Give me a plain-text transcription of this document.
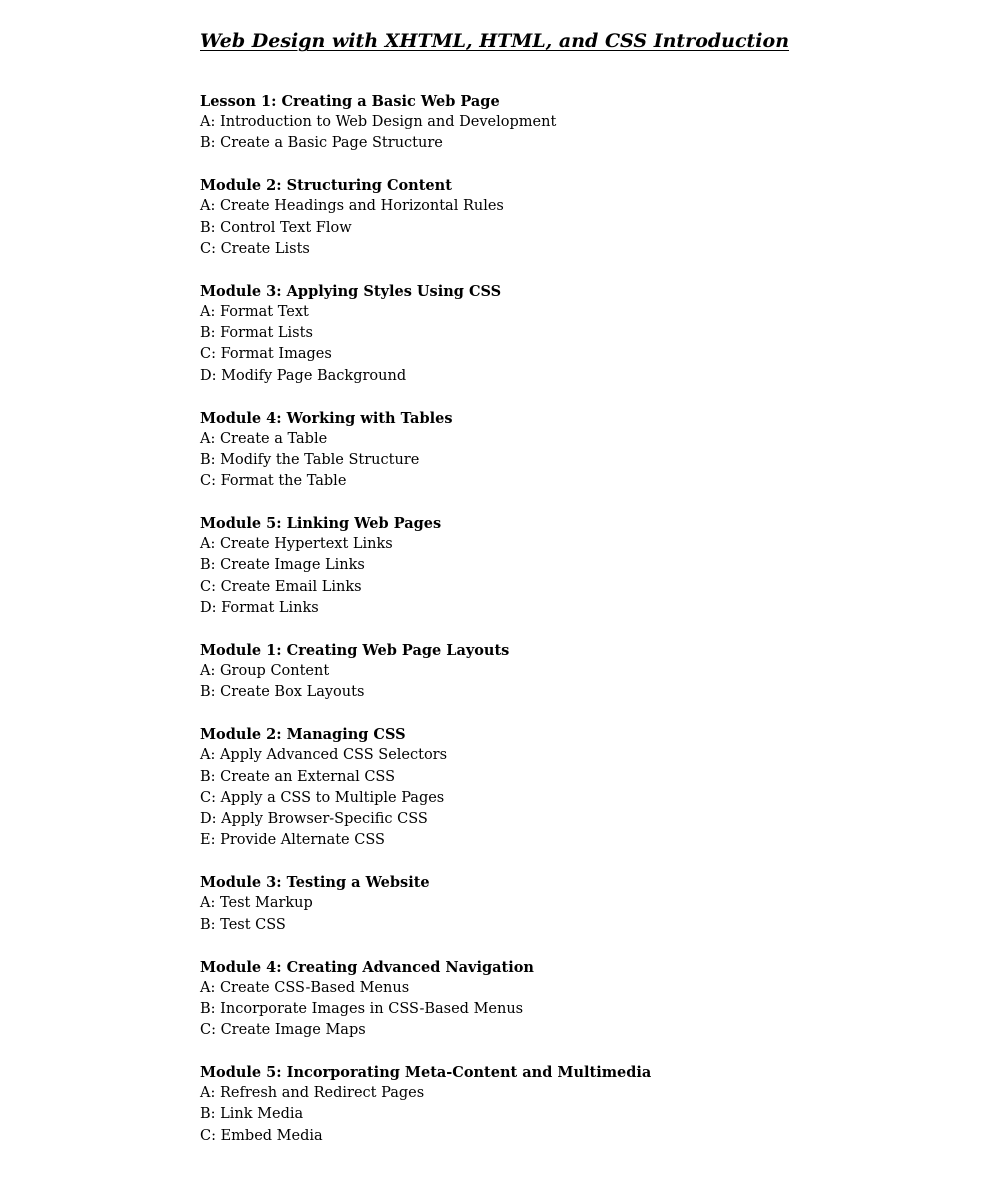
Web Design with XHTML, HTML, and CSS Introduction
Lesson 1: Creating a Basic Web Page
A: Introduction to Web Design and Development
B: Create a Basic Page Structure
Module 2: Structuring Content
A: Create Headings and Horizontal Rules
B: Control Text Flow
C: Create Lists
Module 3: Applying Styles Using CSS
A: Format Text
B: Format Lists
C: Format Images
D: Modify Page Background
Module 4: Working with Tables
A: Create a Table
B: Modify the Table Structure
C: Format the Table
Module 5: Linking Web Pages
A: Create Hypertext Links
B: Create Image Links
C: Create Email Links
D: Format Links
Module 1: Creating Web Page Layouts
A: Group Content
B: Create Box Layouts
Module 2: Managing CSS
A: Apply Advanced CSS Selectors
B: Create an External CSS
C: Apply a CSS to Multiple Pages
D: Apply Browser-Specific CSS
E: Provide Alternate CSS
Module 3: Testing a Website
A: Test Markup
B: Test CSS
Module 4: Creating Advanced Navigation
A: Create CSS-Based Menus
B: Incorporate Images in CSS-Based Menus
C: Create Image Maps
Module 5: Incorporating Meta-Content and Multimedia
A: Refresh and Redirect Pages
B: Link Media
C: Embed Media
